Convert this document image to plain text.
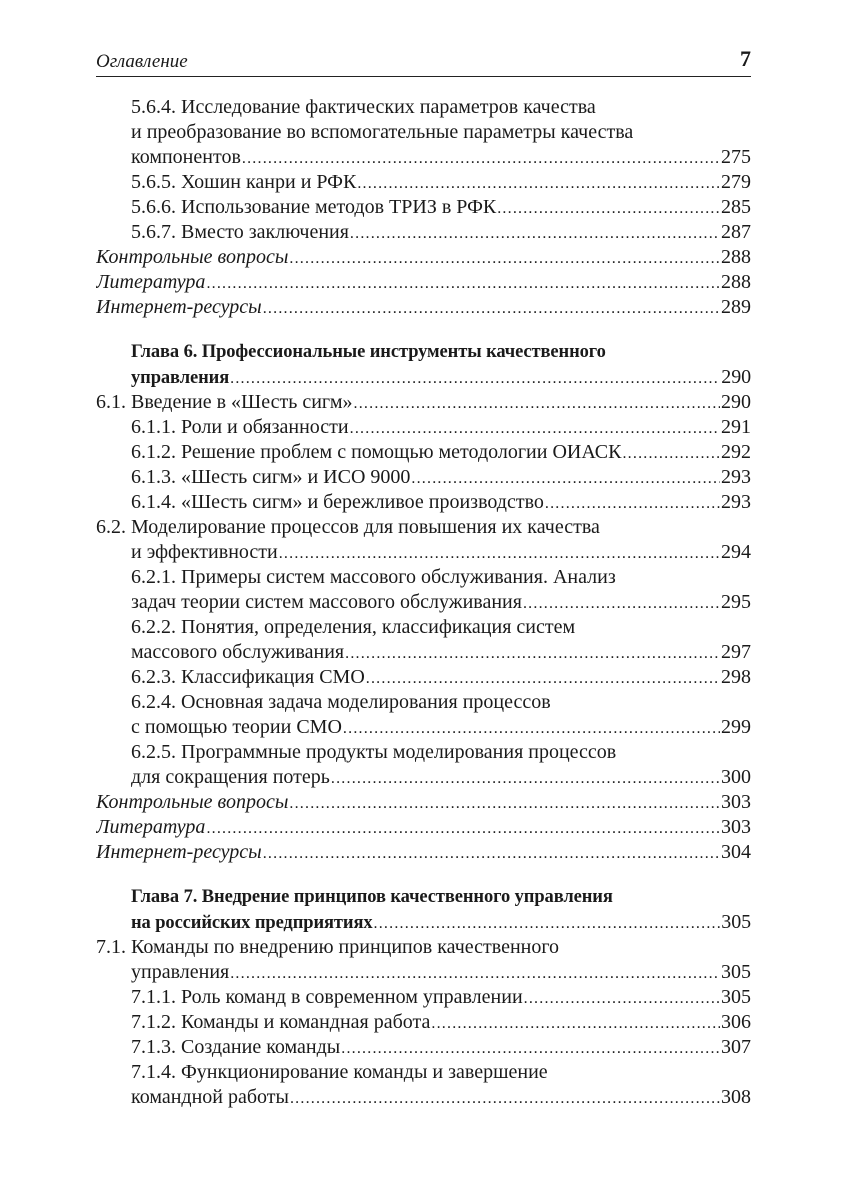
Оглавление	7
5.6.4. Исследование фактических параметров качества
и преобразование во вспомогательные параметры качества
компонентов .....	275
5.6.5. Хошин канри и РФК .....	279
5.6.6. Использование методов ТРИЗ в РФК .....	285
5.6.7. Вместо заключения .....	287
Контрольные вопросы .....	288
Литература .....	288
Интернет-ресурсы .....	289
Глава 6. Профессиональные инструменты качественного
управления .....	290
6.1. Введение в «Шесть сигм» .....	290
6.1.1. Роли и обязанности .....	291
6.1.2. Решение проблем с помощью методологии ОИАСК .....	292
6.1.3. «Шесть сигм» и ИСО 9000 .....	293
6.1.4. «Шесть сигм» и бережливое производство .....	293
6.2. Моделирование процессов для повышения их качества
и эффективности .....	294
6.2.1. Примеры систем массового обслуживания. Анализ
задач теории систем массового обслуживания .....	295
6.2.2. Понятия, определения, классификация систем
массового обслуживания .....	297
6.2.3. Классификация СМО .....	298
6.2.4. Основная задача моделирования процессов
с помощью теории СМО .....	299
6.2.5. Программные продукты моделирования процессов
для сокращения потерь .....	300
Контрольные вопросы .....	303
Литература .....	303
Интернет-ресурсы .....	304
Глава 7. Внедрение принципов качественного управления
на российских предприятиях .....	305
7.1. Команды по внедрению принципов качественного
управления .....	305
7.1.1. Роль команд в современном управлении .....	305
7.1.2. Команды и командная работа .....	306
7.1.3. Создание команды .....	307
7.1.4. Функционирование команды и завершение
командной работы .....	308
